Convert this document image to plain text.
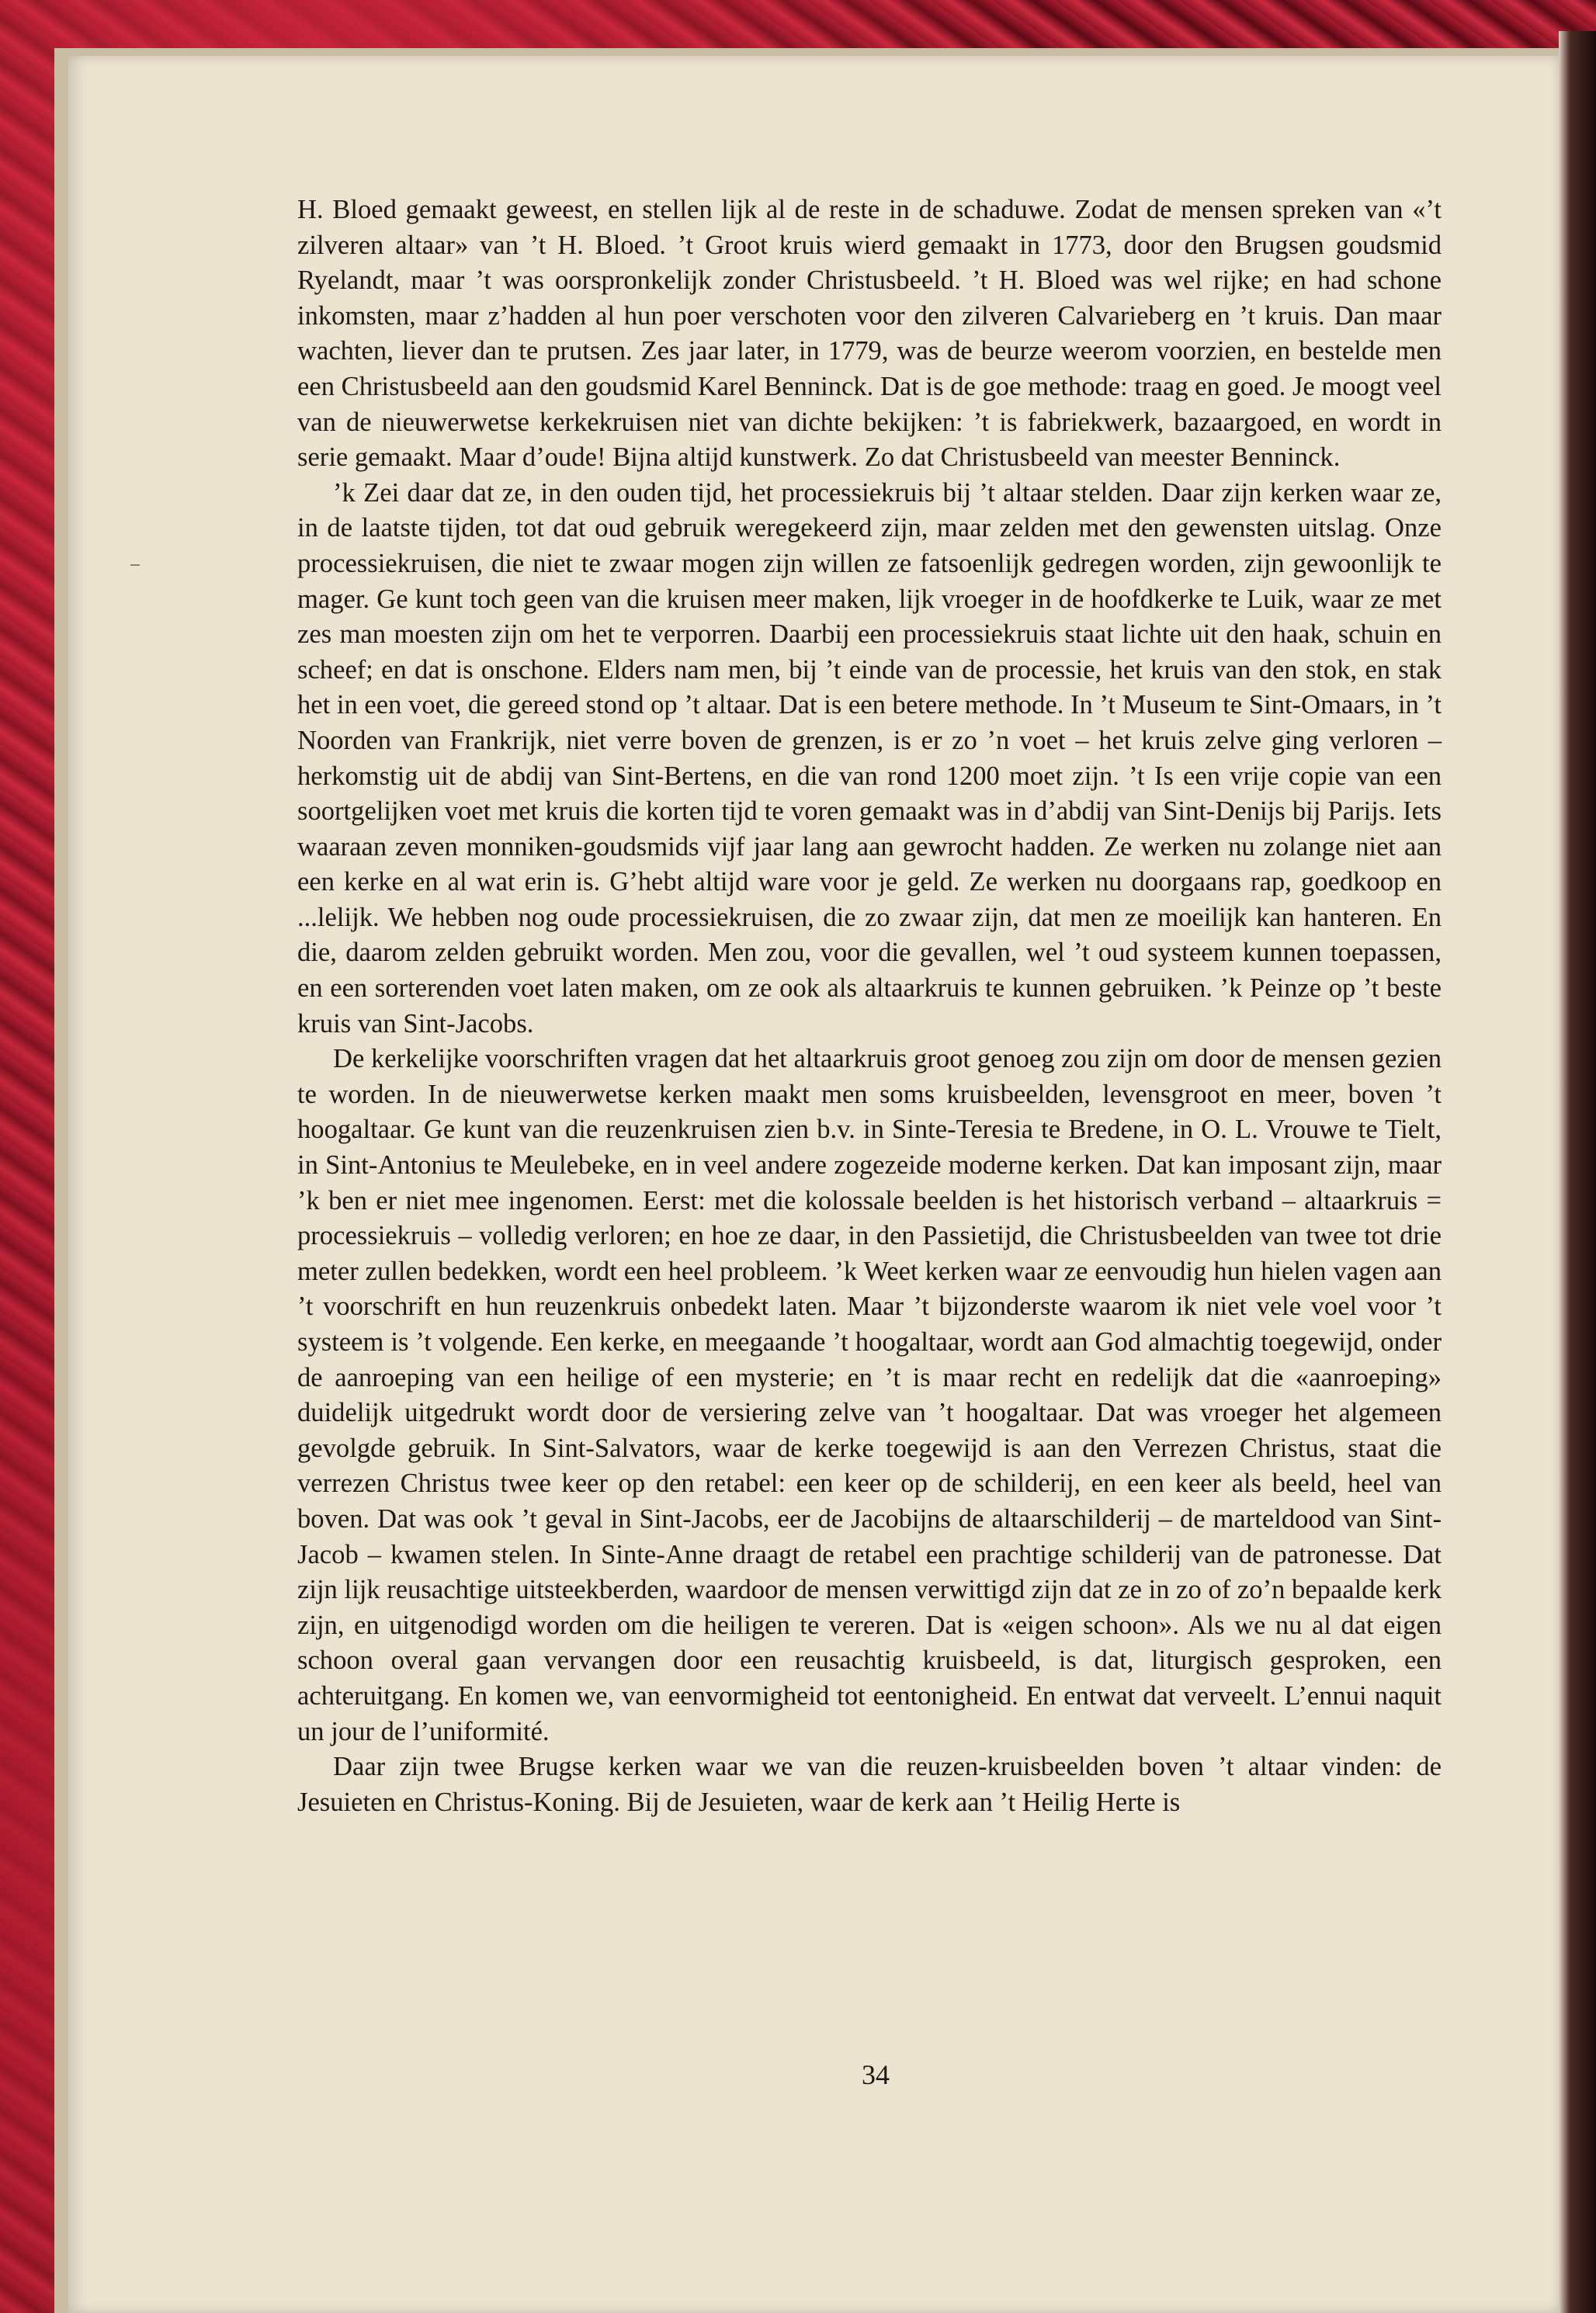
H. Bloed gemaakt geweest, en stellen lijk al de reste in de schaduwe. Zodat de mensen spreken van «’t zilveren altaar» van ’t H. Bloed. ’t Groot kruis wierd gemaakt in 1773, door den Brugsen goudsmid Ryelandt, maar ’t was oorspronkelijk zonder Christusbeeld. ’t H. Bloed was wel rijke; en had schone inkomsten, maar z’hadden al hun poer verschoten voor den zilveren Calvarieberg en ’t kruis. Dan maar wachten, liever dan te prutsen. Zes jaar later, in 1779, was de beurze weerom voorzien, en bestelde men een Christusbeeld aan den goudsmid Karel Benninck. Dat is de goe methode: traag en goed. Je moogt veel van de nieuwerwetse kerkekruisen niet van dichte bekijken: ’t is fabriekwerk, bazaargoed, en wordt in serie gemaakt. Maar d’oude! Bijna altijd kunstwerk. Zo dat Christusbeeld van meester Benninck.

’k Zei daar dat ze, in den ouden tijd, het processiekruis bij ’t altaar stelden. Daar zijn kerken waar ze, in de laatste tijden, tot dat oud gebruik weregekeerd zijn, maar zelden met den gewensten uitslag. Onze processiekruisen, die niet te zwaar mogen zijn willen ze fatsoenlijk gedregen worden, zijn gewoonlijk te mager. Ge kunt toch geen van die kruisen meer maken, lijk vroeger in de hoofdkerke te Luik, waar ze met zes man moesten zijn om het te verporren. Daarbij een processiekruis staat lichte uit den haak, schuin en scheef; en dat is onschone. Elders nam men, bij ’t einde van de processie, het kruis van den stok, en stak het in een voet, die gereed stond op ’t altaar. Dat is een betere methode. In ’t Museum te Sint-Omaars, in ’t Noorden van Frankrijk, niet verre boven de grenzen, is er zo ’n voet – het kruis zelve ging verloren – herkomstig uit de abdij van Sint-Bertens, en die van rond 1200 moet zijn. ’t Is een vrije copie van een soortgelijken voet met kruis die korten tijd te voren gemaakt was in d’abdij van Sint-Denijs bij Parijs. Iets waaraan zeven monniken-goudsmids vijf jaar lang aan gewrocht hadden. Ze werken nu zolange niet aan een kerke en al wat erin is. G’hebt altijd ware voor je geld. Ze werken nu doorgaans rap, goedkoop en ...lelijk. We hebben nog oude processiekruisen, die zo zwaar zijn, dat men ze moeilijk kan hanteren. En die, daarom zelden gebruikt worden. Men zou, voor die gevallen, wel ’t oud systeem kunnen toepassen, en een sorterenden voet laten maken, om ze ook als altaarkruis te kunnen gebruiken. ’k Peinze op ’t beste kruis van Sint-Jacobs.

De kerkelijke voorschriften vragen dat het altaarkruis groot genoeg zou zijn om door de mensen gezien te worden. In de nieuwerwetse kerken maakt men soms kruisbeelden, levensgroot en meer, boven ’t hoogaltaar. Ge kunt van die reuzenkruisen zien b.v. in Sinte-Teresia te Bredene, in O. L. Vrouwe te Tielt, in Sint-Antonius te Meulebeke, en in veel andere zogezeide moderne kerken. Dat kan imposant zijn, maar ’k ben er niet mee ingenomen. Eerst: met die kolossale beelden is het historisch verband – altaarkruis = processiekruis – volledig verloren; en hoe ze daar, in den Passietijd, die Christusbeelden van twee tot drie meter zullen bedekken, wordt een heel probleem. ’k Weet kerken waar ze eenvoudig hun hielen vagen aan ’t voorschrift en hun reuzenkruis onbedekt laten. Maar ’t bijzonderste waarom ik niet vele voel voor ’t systeem is ’t volgende. Een kerke, en meegaande ’t hoogaltaar, wordt aan God almachtig toegewijd, onder de aanroeping van een heilige of een mysterie; en ’t is maar recht en redelijk dat die «aanroeping» duidelijk uitgedrukt wordt door de versiering zelve van ’t hoogaltaar. Dat was vroeger het algemeen gevolgde gebruik. In Sint-Salvators, waar de kerke toegewijd is aan den Verrezen Christus, staat die verrezen Christus twee keer op den retabel: een keer op de schilderij, en een keer als beeld, heel van boven. Dat was ook ’t geval in Sint-Jacobs, eer de Jacobijns de altaarschilderij – de marteldood van Sint-Jacob – kwamen stelen. In Sinte-Anne draagt de retabel een prachtige schilderij van de patronesse. Dat zijn lijk reusachtige uitsteekberden, waardoor de mensen verwittigd zijn dat ze in zo of zo’n bepaalde kerk zijn, en uitgenodigd worden om die heiligen te vereren. Dat is «eigen schoon». Als we nu al dat eigen schoon overal gaan vervangen door een reusachtig kruisbeeld, is dat, liturgisch gesproken, een achteruitgang. En komen we, van eenvormigheid tot eentonigheid. En entwat dat verveelt. L’ennui naquit un jour de l’uniformité.

Daar zijn twee Brugse kerken waar we van die reuzen-kruisbeelden boven ’t altaar vinden: de Jesuieten en Christus-Koning. Bij de Jesuieten, waar de kerk aan ’t Heilig Herte is

34
